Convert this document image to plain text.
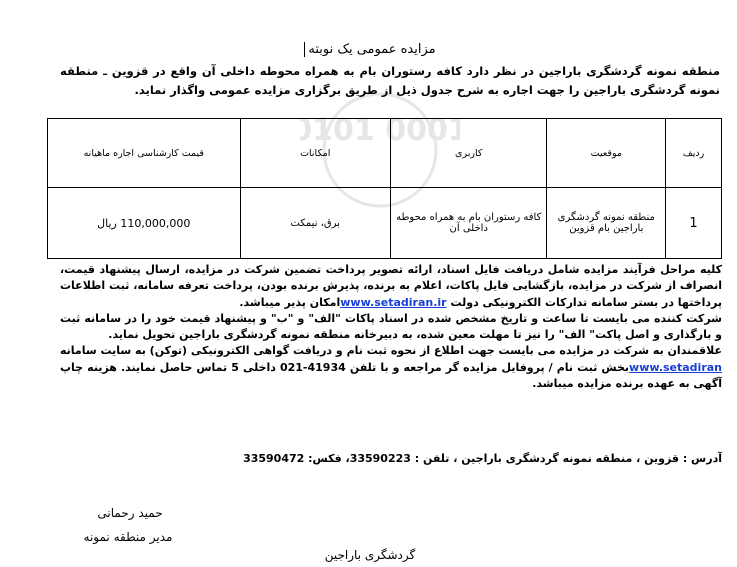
0101 0001
مزایده عمومی یک نوبته
منطقه نمونه گردشگری باراجین در نظر دارد کافه رستوران بام به همراه محوطه داخلی آن واقع در قزوین ـ منطقه نمونه گردشگری باراجین را جهت اجاره به شرح جدول ذیل از طریق برگزاری مزایده عمومی واگذار نماید.
ردیف	موقعیت	کاربری	امکانات	قیمت کارشناسی اجاره ماهیانه
1	منطقه نمونه گردشگری باراجین بام قزوین	کافه رستوران بام به همراه محوطه داخلی آن	برق، نیمکت	110,000,000 ریال

کلیه مراحل فرآیند مزایده شامل دریافت فایل اسناد، ارائه تصویر پرداخت تضمین شرکت در مزایده، ارسال پیشنهاد قیمت، انصراف از شرکت در مزایده، بازگشایی فایل پاکات، اعلام به برنده، پذیرش برنده بودن، پرداخت تعرفه سامانه، ثبت اطلاعات پرداختها در بستر سامانه تدارکات الکترونیکی دولت www.setadiran.irامکان پذیر میباشد.

شرکت کننده می بایست تا ساعت و تاریخ مشخص شده در اسناد پاکات "الف" و "ب" و پیشنهاد قیمت خود را در سامانه ثبت و بارگذاری و اصل پاکت" الف" را نیز تا مهلت معین شده، به دبیرخانه منطقه نمونه گردشگری باراجین تحویل نماید.

علاقمندان به شرکت در مزایده می بایست جهت اطلاع از نحوه ثبت نام و دریافت گواهی الکترونیکی (توکن) به سایت سامانه www.setadiranبخش ثبت نام / پروفایل مزایده گر مراجعه و با تلفن 41934-021 داخلی 5 تماس حاصل نمایند. هزینه چاپ آگهی به عهده برنده مزایده میباشد.

آدرس : قزوین ، منطقه نمونه گردشگری باراجین ، تلفن : 33590223، فکس: 33590472
حمید رحمانی
مدیر منطقه نمونه
گردشگری باراجین
